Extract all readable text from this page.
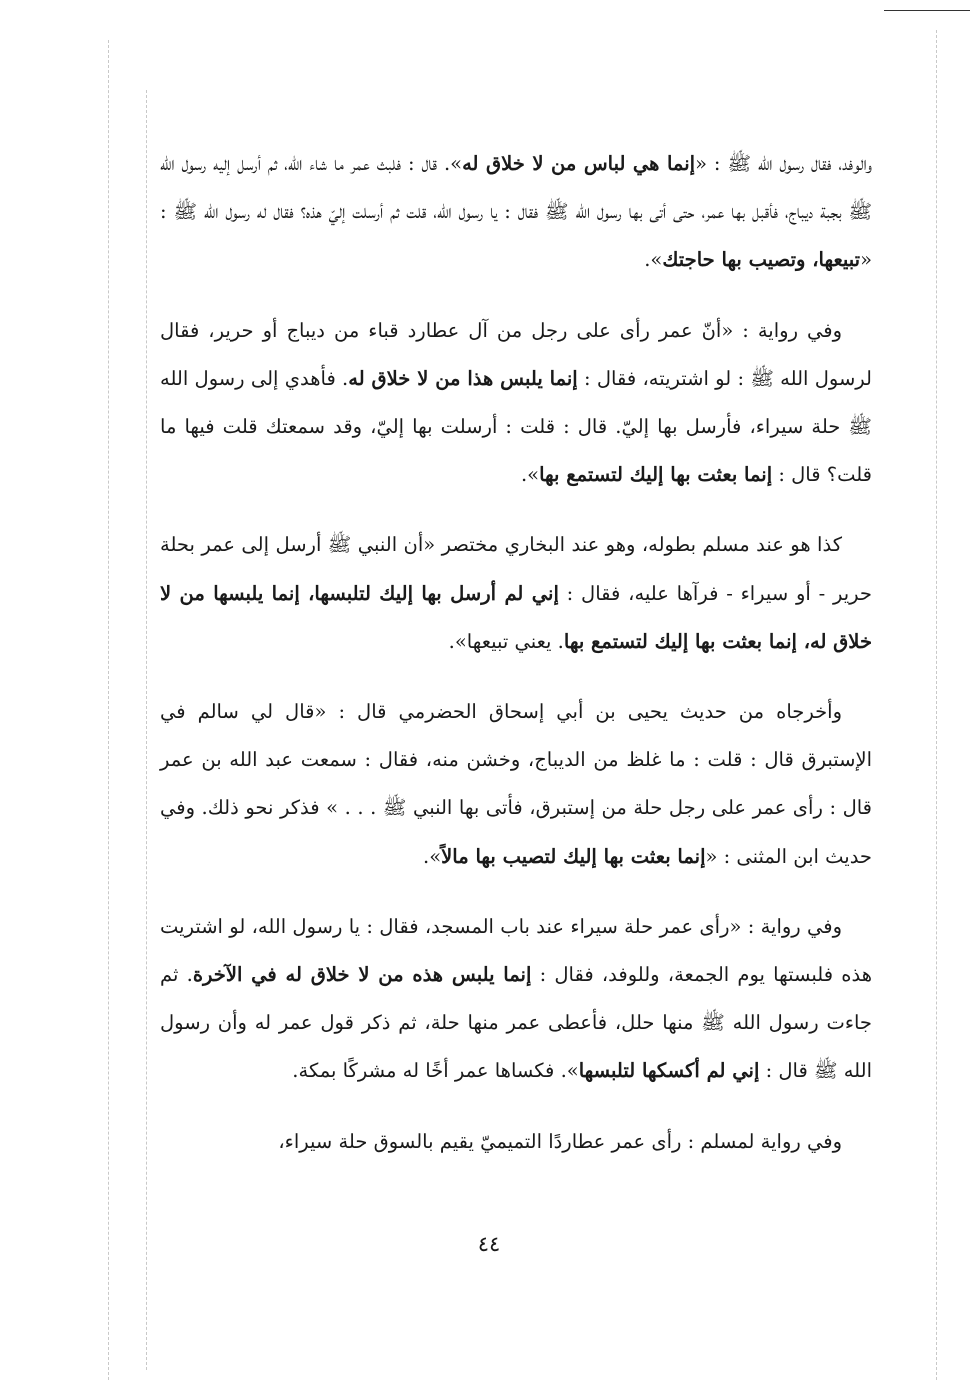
والوفد، فقال رسول الله ﷺ : «إنما هي لباس من لا خلاق له». قال : فلبث عمر ما شاء الله، ثم أرسل إليه رسول الله ﷺ بجبة ديباج، فأقبل بها عمر، حتى أتى بها رسول الله ﷺ فقال : يا رسول الله، قلت ثم أرسلت إليّ هذه؟ فقال له رسول الله ﷺ : «تبيعها، وتصيب بها حاجتك».

وفي رواية : «أنّ عمر رأى على رجل من آل عطارد قباء من ديباج أو حرير، فقال لرسول الله ﷺ : لو اشتريته، فقال : إنما يلبس هذا من لا خلاق له. فأهدي إلى رسول الله ﷺ حلة سيراء، فأرسل بها إليّ. قال : قلت : أرسلت بها إليّ، وقد سمعتك قلت فيها ما قلت؟ قال : إنما بعثت بها إليك لتستمع بها».

كذا هو عند مسلم بطوله، وهو عند البخاري مختصر «أن النبي ﷺ أرسل إلى عمر بحلة حرير - أو سيراء - فرآها عليه، فقال : إني لم أرسل بها إليك لتلبسها، إنما يلبسها من لا خلاق له، إنما بعثت بها إليك لتستمع بها. يعني تبيعها».

وأخرجاه من حديث يحيى بن أبي إسحاق الحضرمي قال : «قال لي سالم في الإستبرق قال : قلت : ما غلظ من الديباج، وخشن منه، فقال : سمعت عبد الله بن عمر قال : رأى عمر على رجل حلة من إستبرق، فأتى بها النبي ﷺ . . . » فذكر نحو ذلك. وفي حديث ابن المثنى : «إنما بعثت بها إليك لتصيب بها مالاً».

وفي رواية : «رأى عمر حلة سيراء عند باب المسجد، فقال : يا رسول الله، لو اشتريت هذه فلبستها يوم الجمعة، وللوفد، فقال : إنما يلبس هذه من لا خلاق له في الآخرة. ثم جاءت رسول الله ﷺ منها حلل، فأعطى عمر منها حلة، ثم ذكر قول عمر له وأن رسول الله ﷺ قال : إني لم أكسكها لتلبسها». فكساها عمر أخًا له مشركًا بمكة.

وفي رواية لمسلم : رأى عمر عطاردًا التميميّ يقيم بالسوق حلة سيراء،

٤٤
